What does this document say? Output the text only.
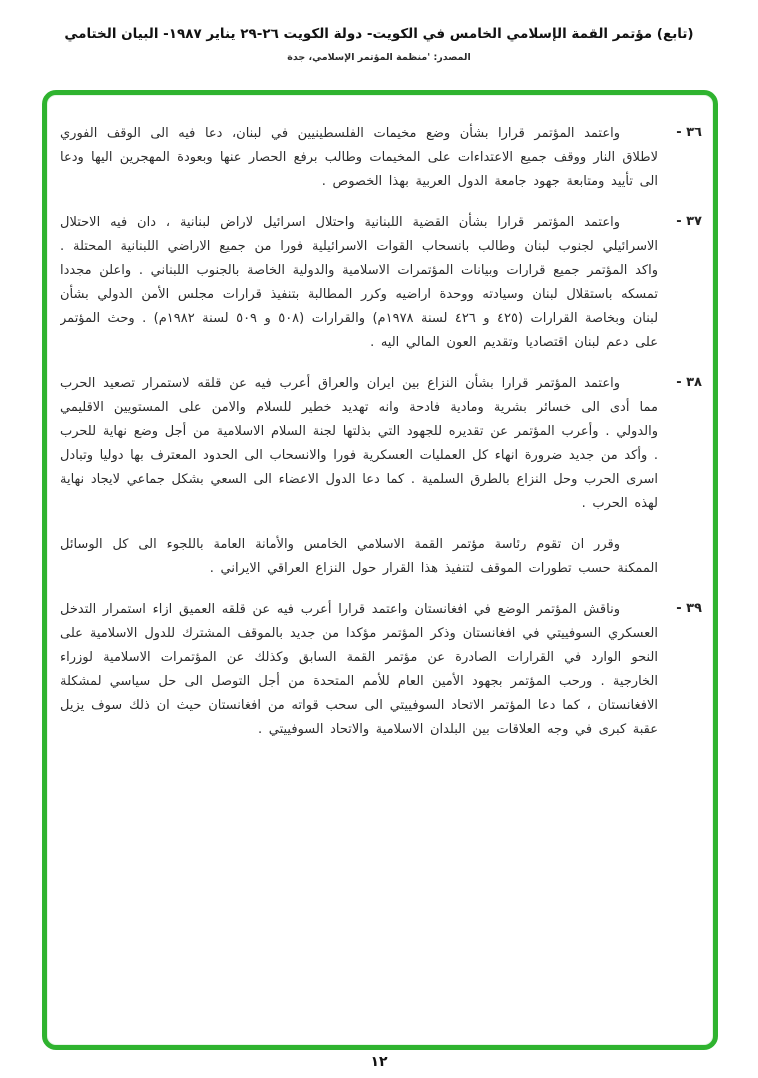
(تابع) مؤتمر القمة الإسلامي الخامس في الكويت- دولة الكويت ٢٦-٢٩ يناير ١٩٨٧- البيان الختامي
المصدر: 'منظمة المؤتمر الإسلامي، جدة
٣٦ -
واعتمد المؤتمر قرارا بشأن وضع مخيمات الفلسطينيين في لبنان، دعا فيه الى الوقف الفوري لاطلاق النار ووقف جميع الاعتداءات على المخيمات وطالب برفع الحصار عنها وبعودة المهجرين اليها ودعا الى تأييد ومتابعة جهود جامعة الدول العربية بهذا الخصوص .
٣٧ -
واعتمد المؤتمر قرارا بشأن القضية اللبنانية واحتلال اسرائيل لاراض لبنانية ، دان فيه الاحتلال الاسرائيلي لجنوب لبنان وطالب بانسحاب القوات الاسرائيلية فورا من جميع الاراضي اللبنانية المحتلة . واكد المؤتمر جميع قرارات وبيانات المؤتمرات الاسلامية والدولية الخاصة بالجنوب اللبناني . واعلن مجددا تمسكه باستقلال لبنان وسيادته ووحدة اراضيه وكرر المطالبة بتنفيذ قرارات مجلس الأمن الدولي بشأن لبنان وبخاصة القرارات (٤٢٥ و ٤٢٦ لسنة ١٩٧٨م) والقرارات (٥٠٨ و ٥٠٩ لسنة ١٩٨٢م) . وحث المؤتمر على دعم لبنان اقتصاديا وتقديم العون المالي اليه .
٣٨ -
واعتمد المؤتمر قرارا بشأن النزاع بين ايران والعراق أعرب فيه عن قلقه لاستمرار تصعيد الحرب مما أدى الى خسائر بشرية ومادية فادحة وانه تهديد خطير للسلام والامن على المستويين الاقليمي والدولي . وأعرب المؤتمر عن تقديره للجهود التي بذلتها لجنة السلام الاسلامية من أجل وضع نهاية للحرب . وأكد من جديد ضرورة انهاء كل العمليات العسكرية فورا والانسحاب الى الحدود المعترف بها دوليا وتبادل اسرى الحرب وحل النزاع بالطرق السلمية . كما دعا الدول الاعضاء الى السعي بشكل جماعي لايجاد نهاية لهذه الحرب .
وقرر ان تقوم رئاسة مؤتمر القمة الاسلامي الخامس والأمانة العامة باللجوء الى كل الوسائل الممكنة حسب تطورات الموقف لتنفيذ هذا القرار حول النزاع العراقي الايراني .
٣٩ -
وناقش المؤتمر الوضع في افغانستان واعتمد قرارا أعرب فيه عن قلقه العميق ازاء استمرار التدخل العسكري السوفييتي في افغانستان وذكر المؤتمر مؤكدا من جديد بالموقف المشترك للدول الاسلامية على النحو الوارد في القرارات الصادرة عن مؤتمر القمة السابق وكذلك عن المؤتمرات الاسلامية لوزراء الخارجية . ورحب المؤتمر بجهود الأمين العام للأمم المتحدة من أجل التوصل الى حل سياسي لمشكلة الافغانستان ، كما دعا المؤتمر الاتحاد السوفييتي الى سحب قواته من افغانستان حيث ان ذلك سوف يزيل عقبة كبرى في وجه العلاقات بين البلدان الاسلامية والاتحاد السوفييتي .
١٢
